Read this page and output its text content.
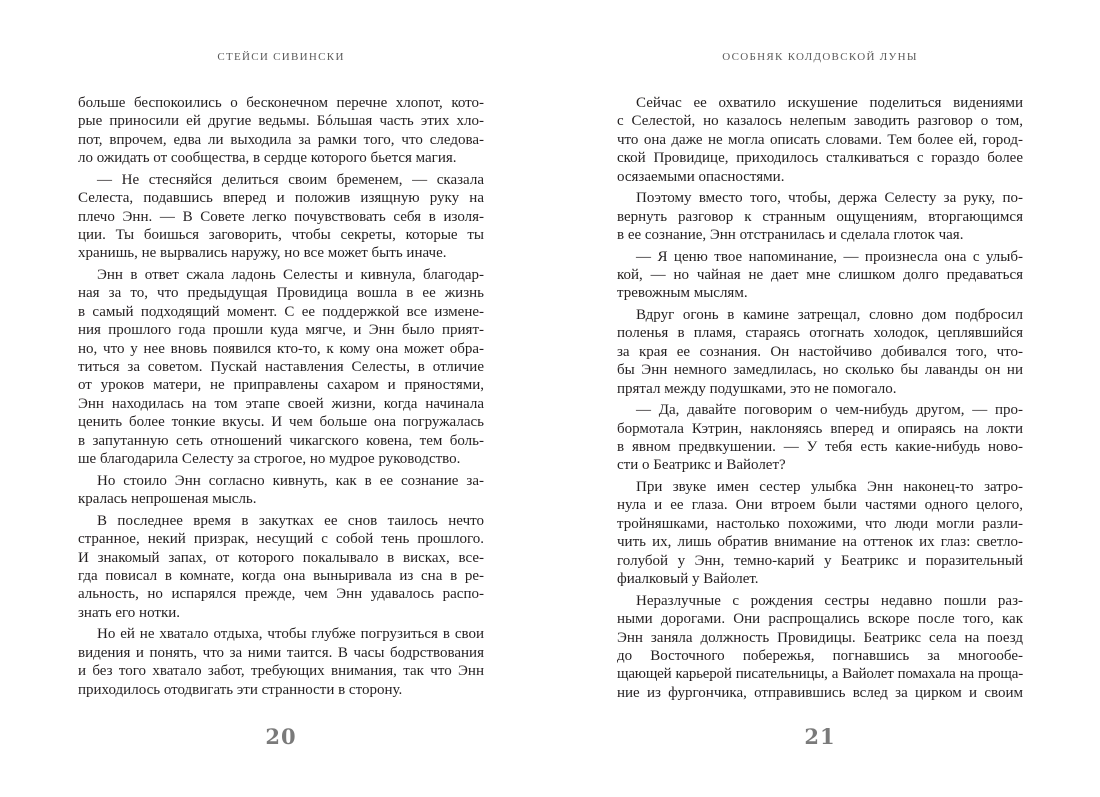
СТЕЙСИ СИВИНСКИ
больше беспокоились о бесконечном перечне хлопот, кото-
рые приносили ей другие ведьмы. Бóльшая часть этих хло-
пот, впрочем, едва ли выходила за рамки того, что следова-
ло ожидать от сообщества, в сердце которого бьется магия.
— Не стесняйся делиться своим бременем, — сказала
Селеста, подавшись вперед и положив изящную руку на
плечо Энн. — В Совете легко почувствовать себя в изоля-
ции. Ты боишься заговорить, чтобы секреты, которые ты
хранишь, не вырвались наружу, но все может быть иначе.
Энн в ответ сжала ладонь Селесты и кивнула, благодар-
ная за то, что предыдущая Провидица вошла в ее жизнь
в самый подходящий момент. С ее поддержкой все измене-
ния прошлого года прошли куда мягче, и Энн было прият-
но, что у нее вновь появился кто-то, к кому она может обра-
титься за советом. Пускай наставления Селесты, в отличие
от уроков матери, не приправлены сахаром и пряностями,
Энн находилась на том этапе своей жизни, когда начинала
ценить более тонкие вкусы. И чем больше она погружалась
в запутанную сеть отношений чикагского ковена, тем боль-
ше благодарила Селесту за строгое, но мудрое руководство.
Но стоило Энн согласно кивнуть, как в ее сознание за-
кралась непрошеная мысль.
В последнее время в закутках ее снов таилось нечто
странное, некий призрак, несущий с собой тень прошлого.
И знакомый запах, от которого покалывало в висках, все-
гда повисал в комнате, когда она выныривала из сна в ре-
альность, но испарялся прежде, чем Энн удавалось распо-
знать его нотки.
Но ей не хватало отдыха, чтобы глубже погрузиться в свои
видения и понять, что за ними таится. В часы бодрствования
и без того хватало забот, требующих внимания, так что Энн
приходилось отодвигать эти странности в сторону.
20
ОСОБНЯК КОЛДОВСКОЙ ЛУНЫ
Сейчас ее охватило искушение поделиться видениями
с Селестой, но казалось нелепым заводить разговор о том,
что она даже не могла описать словами. Тем более ей, город-
ской Провидице, приходилось сталкиваться с гораздо более
осязаемыми опасностями.
Поэтому вместо того, чтобы, держа Селесту за руку, по-
вернуть разговор к странным ощущениям, вторгающимся
в ее сознание, Энн отстранилась и сделала глоток чая.
— Я ценю твое напоминание, — произнесла она с улыб-
кой, — но чайная не дает мне слишком долго предаваться
тревожным мыслям.
Вдруг огонь в камине затрещал, словно дом подбросил
поленья в пламя, стараясь отогнать холодок, цеплявшийся
за края ее сознания. Он настойчиво добивался того, что-
бы Энн немного замедлилась, но сколько бы лаванды он ни
прятал между подушками, это не помогало.
— Да, давайте поговорим о чем-нибудь другом, — про-
бормотала Кэтрин, наклоняясь вперед и опираясь на локти
в явном предвкушении. — У тебя есть какие-нибудь ново-
сти о Беатрикс и Вайолет?
При звуке имен сестер улыбка Энн наконец-то затро-
нула и ее глаза. Они втроем были частями одного целого,
тройняшками, настолько похожими, что люди могли разли-
чить их, лишь обратив внимание на оттенок их глаз: светло-
голубой у Энн, темно-карий у Беатрикс и поразительный
фиалковый у Вайолет.
Неразлучные с рождения сестры недавно пошли раз-
ными дорогами. Они распрощались вскоре после того, как
Энн заняла должность Провидицы. Беатрикс села на поезд
до Восточного побережья, погнавшись за многообе-
щающей карьерой писательницы, а Вайолет помахала на проща-
ние из фургончика, отправившись вслед за цирком и своим
21
